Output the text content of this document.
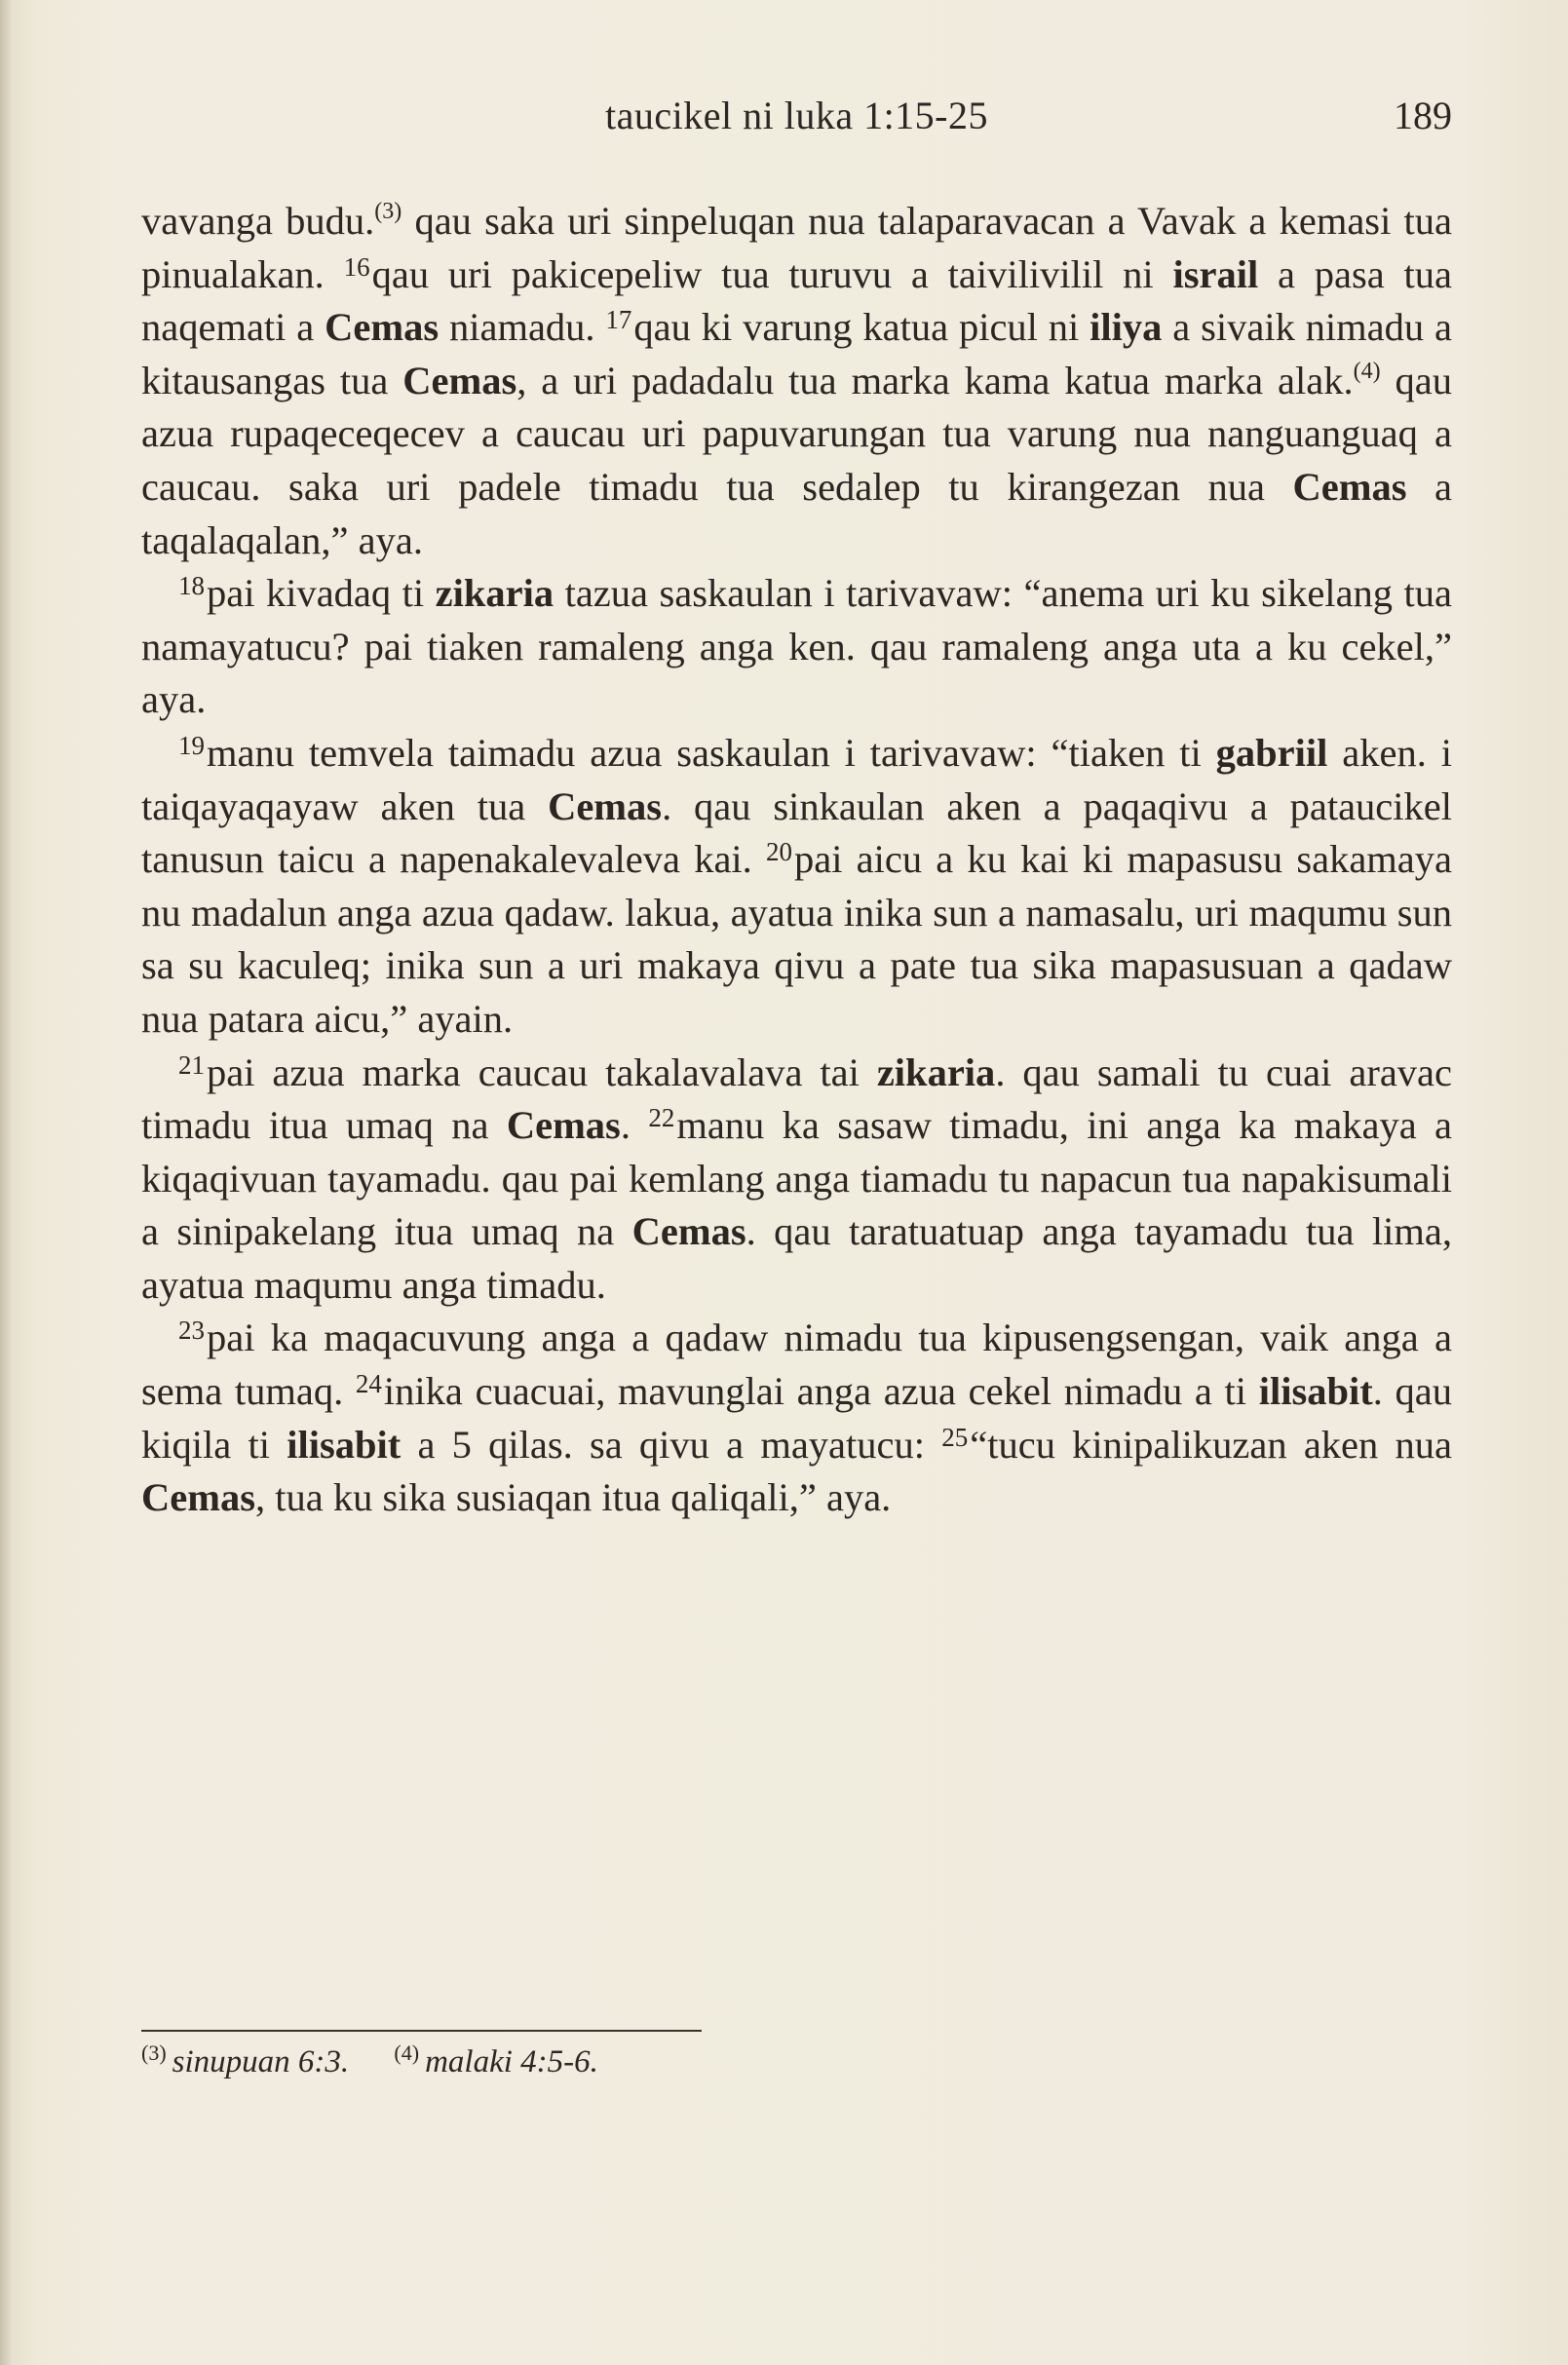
taucikel ni luka 1:15-25	189

vavanga budu.$^{(3)}$ qau saka uri sinpeluqan nua talaparavacan a Vavak a kemasi tua pinualakan. $^{16}$qau uri pakicepeliw tua turuvu a taivilivilil ni israil a pasa tua naqemati a Cemas niamadu. $^{17}$qau ki varung katua picul ni iliya a sivaik nimadu a kitausangas tua Cemas, a uri padadalu tua marka kama katua marka alak.$^{(4)}$ qau azua rupaqeceqecev a caucau uri papuvarungan tua varung nua nanguanguaq a caucau. saka uri padele timadu tua sedalep tu kirangezan nua Cemas a taqalaqalan,” aya.

$^{18}$pai kivadaq ti zikaria tazua saskaulan i tarivavaw: “anema uri ku sikelang tua namayatucu? pai tiaken ramaleng anga ken. qau ramaleng anga uta a ku cekel,” aya.

$^{19}$manu temvela taimadu azua saskaulan i tarivavaw: “tiaken ti gabriil aken. i taiqayaqayaw aken tua Cemas. qau sinkaulan aken a paqaqivu a pataucikel tanusun taicu a napenakalevaleva kai. $^{20}$pai aicu a ku kai ki mapasusu sakamaya nu madalun anga azua qadaw. lakua, ayatua inika sun a namasalu, uri maqumu sun sa su kaculeq; inika sun a uri makaya qivu a pate tua sika mapasusuan a qadaw nua patara aicu,” ayain.

$^{21}$pai azua marka caucau takalavalava tai zikaria. qau samali tu cuai aravac timadu itua umaq na Cemas. $^{22}$manu ka sasaw timadu, ini anga ka makaya a kiqaqivuan tayamadu. qau pai kemlang anga tiamadu tu napacun tua napakisumali a sinipakelang itua umaq na Cemas. qau taratuatuap anga tayamadu tua lima, ayatua maqumu anga timadu.

$^{23}$pai ka maqacuvung anga a qadaw nimadu tua kipusengsengan, vaik anga a sema tumaq. $^{24}$inika cuacuai, mavunglai anga azua cekel nimadu a ti ilisabit. qau kiqila ti ilisabit a 5 qilas. sa qivu a mayatucu: $^{25}$“tucu kinipalikuzan aken nua Cemas, tua ku sika susiaqan itua qaliqali,” aya.

$^{(3)}$ sinupuan 6:3. $^{(4)}$ malaki 4:5-6.
